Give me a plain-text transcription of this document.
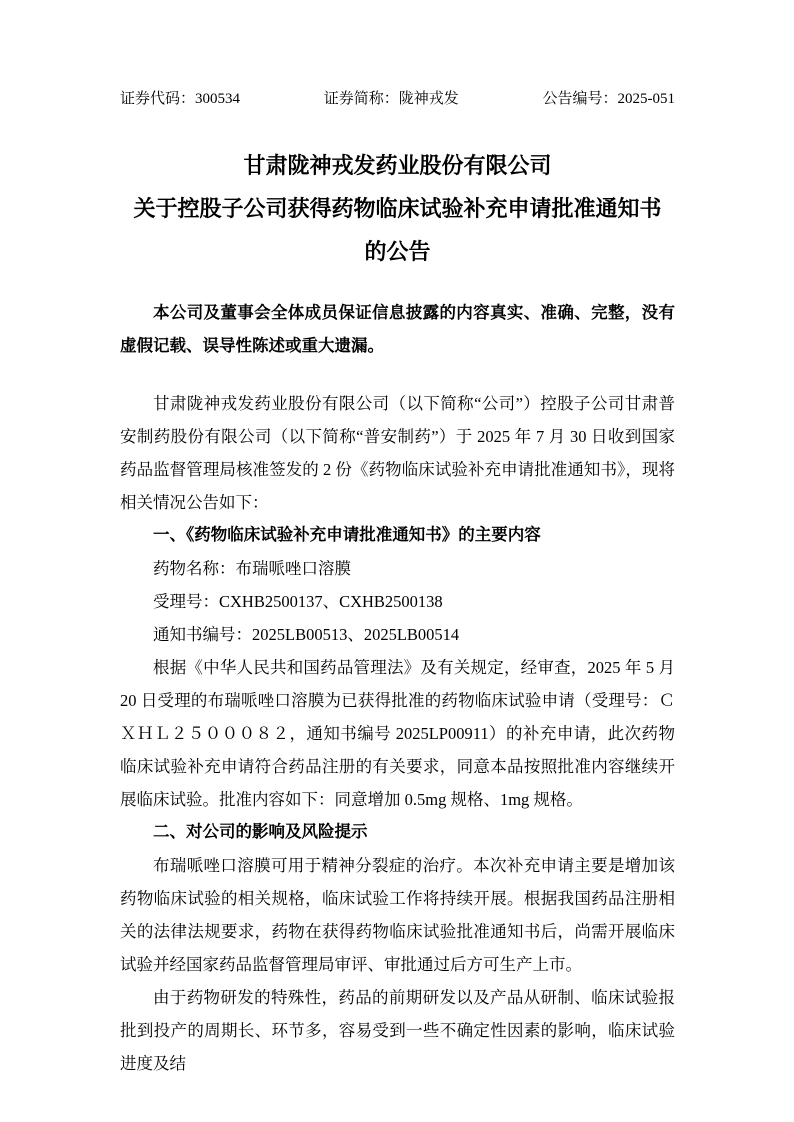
证券代码：300534	证券简称：陇神戎发	公告编号：2025-051
甘肃陇神戎发药业股份有限公司
关于控股子公司获得药物临床试验补充申请批准通知书
的公告

本公司及董事会全体成员保证信息披露的内容真实、准确、完整，没有虚假记载、误导性陈述或重大遗漏。

甘肃陇神戎发药业股份有限公司（以下简称“公司”）控股子公司甘肃普安制药股份有限公司（以下简称“普安制药”）于 2025 年 7 月 30 日收到国家药品监督管理局核准签发的 2 份《药物临床试验补充申请批准通知书》，现将相关情况公告如下：

一、《药物临床试验补充申请批准通知书》的主要内容

药物名称：布瑞哌唑口溶膜

受理号：CXHB2500137、CXHB2500138

通知书编号：2025LB00513、2025LB00514

根据《中华人民共和国药品管理法》及有关规定，经审查，2025 年 5 月 20 日受理的布瑞哌唑口溶膜为已获得批准的药物临床试验申请（受理号：ＣＸＨＬ２５０００８２，通知书编号 2025LP00911）的补充申请，此次药物临床试验补充申请符合药品注册的有关要求，同意本品按照批准内容继续开展临床试验。批准内容如下：同意增加 0.5mg 规格、1mg 规格。

二、对公司的影响及风险提示

布瑞哌唑口溶膜可用于精神分裂症的治疗。本次补充申请主要是增加该药物临床试验的相关规格，临床试验工作将持续开展。根据我国药品注册相关的法律法规要求，药物在获得药物临床试验批准通知书后，尚需开展临床试验并经国家药品监督管理局审评、审批通过后方可生产上市。

由于药物研发的特殊性，药品的前期研发以及产品从研制、临床试验报批到投产的周期长、环节多，容易受到一些不确定性因素的影响，临床试验进度及结
